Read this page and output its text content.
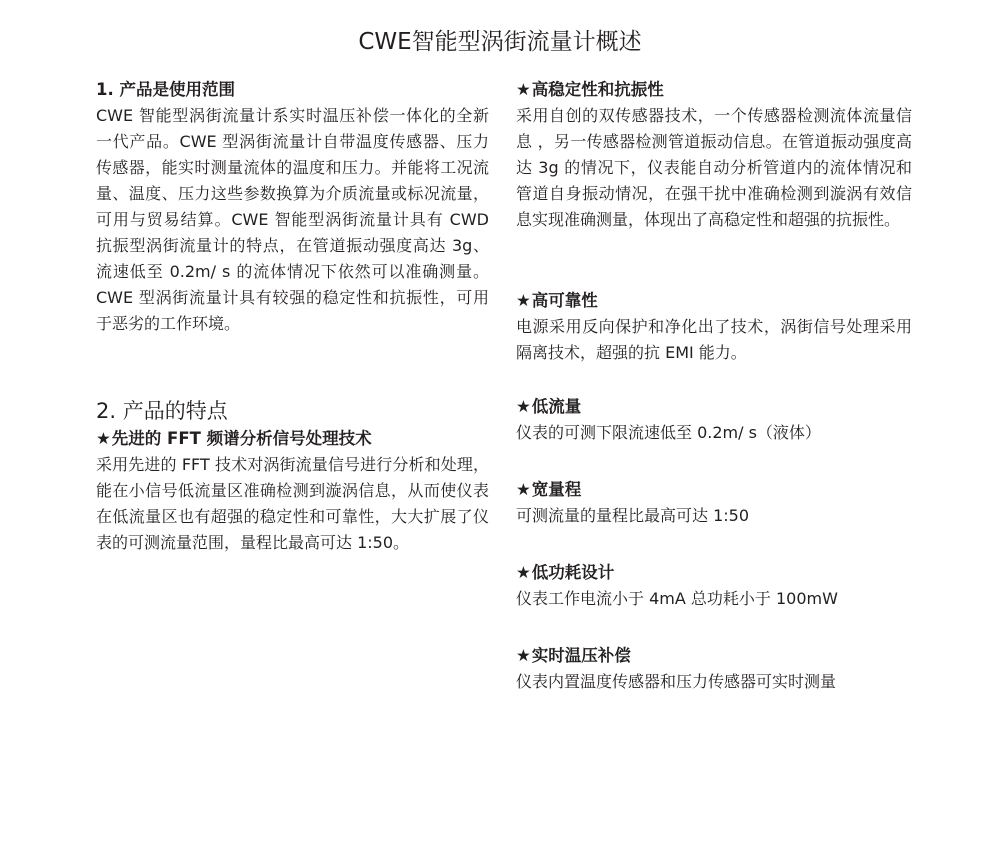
CWE智能型涡街流量计概述
1. 产品是使用范围
CWE 智能型涡街流量计系实时温压补偿一体化的全新一代产品。CWE 型涡街流量计自带温度传感器、压力传感器，能实时测量流体的温度和压力。并能将工况流量、温度、压力这些参数换算为介质流量或标况流量，可用与贸易结算。CWE 智能型涡街流量计具有 CWD 抗振型涡街流量计的特点，在管道振动强度高达 3g、流速低至 0.2m/ s 的流体情况下依然可以准确测量。CWE 型涡街流量计具有较强的稳定性和抗振性，可用于恶劣的工作环境。
2. 产品的特点
★先进的 FFT 频谱分析信号处理技术
采用先进的 FFT 技术对涡街流量信号进行分析和处理，能在小信号低流量区准确检测到漩涡信息，从而使仪表在低流量区也有超强的稳定性和可靠性，大大扩展了仪表的可测流量范围，量程比最高可达 1:50。
★高稳定性和抗振性
采用自创的双传感器技术，一个传感器检测流体流量信息 ，另一传感器检测管道振动信息。在管道振动强度高达 3g 的情况下，仪表能自动分析管道内的流体情况和管道自身振动情况，在强干扰中准确检测到漩涡有效信息实现准确测量，体现出了高稳定性和超强的抗振性。
★高可靠性
电源采用反向保护和净化出了技术，涡街信号处理采用隔离技术，超强的抗 EMI 能力。
★低流量
仪表的可测下限流速低至 0.2m/ s（液体）
★宽量程
可测流量的量程比最高可达 1:50
★低功耗设计
仪表工作电流小于 4mA 总功耗小于 100mW
★实时温压补偿
仪表内置温度传感器和压力传感器可实时测量
